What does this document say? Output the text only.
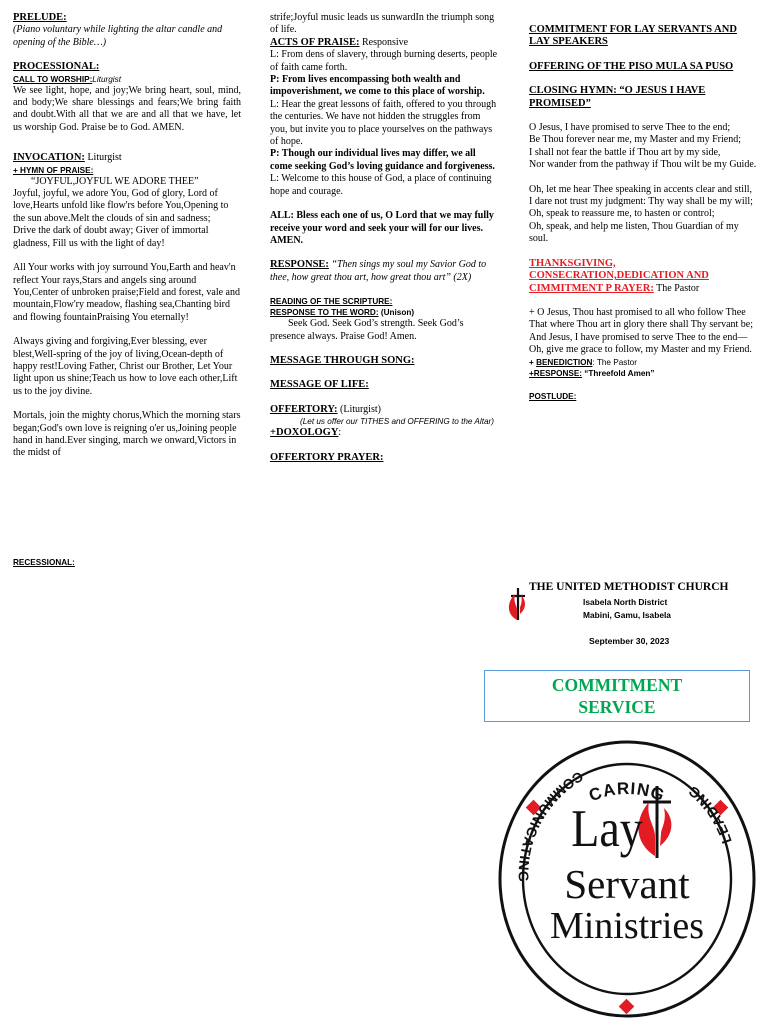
PRELUDE:

(Piano voluntary while lighting the altar candle and opening of the Bible…)

PROCESSIONAL:

CALL TO WORSHIP:Liturgist

We see light, hope, and joy;We bring heart, soul, mind, and body;We share blessings and fears;We bring faith and doubt.With all that we are and all that we have, let us worship God. Praise be to God. AMEN.

INVOCATION: Liturgist

+ HYMN OF PRAISE:

“JOYFUL,JOYFUL WE ADORE THEE”

Joyful, joyful, we adore You, God of glory, Lord of love,Hearts unfold like flow'rs before You,Opening to the sun above.Melt the clouds of sin and sadness;

Drive the dark of doubt away; Giver of immortal gladness, Fill us with the light of day!

All Your works with joy surround You,Earth and heav'n reflect Your rays,Stars and angels sing around You,Center of unbroken praise;Field and forest, vale and mountain,Flow'ry meadow, flashing sea,Chanting bird and flowing fountainPraising You eternally!

Always giving and forgiving,Ever blessing, ever blest,Well-spring of the joy of living,Ocean-depth of happy rest!Loving Father, Christ our Brother, Let Your light upon us shine;Teach us how to love each other,Lift us to the joy divine.

Mortals, join the mighty chorus,Which the morning stars began;God's own love is reigning o'er us,Joining people hand in hand.Ever singing, march we onward,Victors in the midst of

RECESSIONAL:

strife;Joyful music leads us sunwardIn the triumph song of life.

ACTS OF PRAISE: Responsive

L: From dens of slavery, through burning deserts, people of faith came forth.

P: From lives encompassing both wealth and impoverishment, we come to this place of worship.

L: Hear the great lessons of faith, offered to you through the centuries. We have not hidden the struggles from you, but invite you to place yourselves on the pathways of hope.

P: Though our individual lives may differ, we all come seeking God’s loving guidance and forgiveness.

L: Welcome to this house of God, a place of continuing hope and courage.

ALL: Bless each one of us, O Lord that we may fully receive your word and seek your will for our lives. AMEN.

RESPONSE: “Then sings my soul my Savior God to thee, how great thou art, how great thou art” (2X)

READING OF THE SCRIPTURE:

RESPONSE TO THE WORD: (Unison)

Seek God. Seek God’s strength. Seek God’s presence always. Praise God! Amen.

MESSAGE THROUGH SONG:
MESSAGE OF LIFE:

OFFERTORY: (Liturgist)

(Let us offer our TITHES and OFFERING to the Altar)

+DOXOLOGY:

OFFERTORY PRAYER:
COMMITMENT FOR LAY SERVANTS AND LAY SPEAKERS
OFFERING OF THE PISO MULA SA PUSO
CLOSING HYMN: “O JESUS I HAVE PROMISED”

O Jesus, I have promised to serve Thee to the end;

Be Thou forever near me, my Master and my Friend;

I shall not fear the battle if Thou art by my side,

Nor wander from the pathway if Thou wilt be my Guide.

Oh, let me hear Thee speaking in accents clear and still,

I dare not trust my judgment: Thy way shall be my will;

Oh, speak to reassure me, to hasten or control;

Oh, speak, and help me listen, Thou Guardian of my soul.

THANKSGIVING, CONSECRATION,DEDICATION AND CIMMITMENT P RAYER: The Pastor

+ O Jesus, Thou hast promised to all who follow Thee

That where Thou art in glory there shall Thy servant be;

And Jesus, I have promised to serve Thee to the end—

Oh, give me grace to follow, my Master and my Friend.

+ BENEDICTION: The Pastor

+RESPONSE: “Threefold Amen”

POSTLUDE:
THE UNITED METHODIST CHURCH
Isabela North District
Mabini, Gamu, Isabela
September 30, 2023
COMMITMENT
SERVICE
CARING
COMMUNICATING
LEADING
Lay
Servant
Ministries
